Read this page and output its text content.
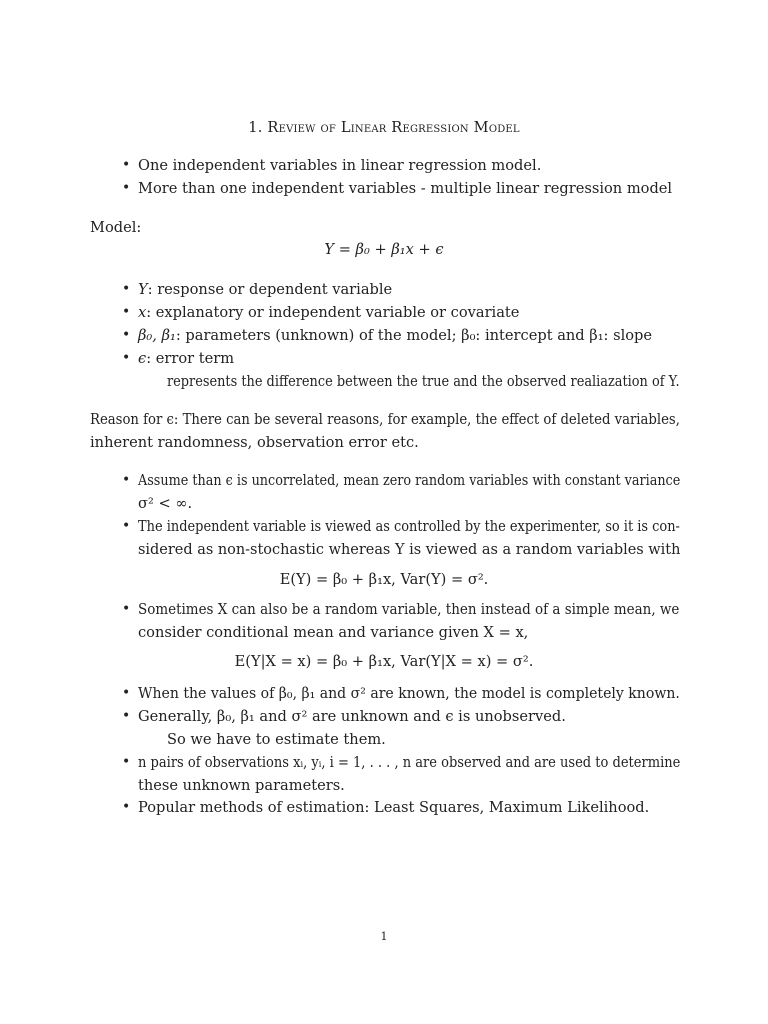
1. Review of Linear Regression Model
• One independent variables in linear regression model.
• More than one independent variables - multiple linear regression model
Model:
Y = β₀ + β₁x + ϵ
• Y: response or dependent variable
• x: explanatory or independent variable or covariate
• β₀, β₁: parameters (unknown) of the model; β₀: intercept and β₁: slope
• ϵ: error term
represents the difference between the true and the observed realiazation of Y.
Reason for ϵ: There can be several reasons, for example, the effect of deleted variables,
inherent randomness, observation error etc.
• Assume than ϵ is uncorrelated, mean zero random variables with constant variance
σ² < ∞.
• The independent variable is viewed as controlled by the experimenter, so it is con-
sidered as non-stochastic whereas Y is viewed as a random variables with
E(Y) = β₀ + β₁x, Var(Y) = σ².
• Sometimes X can also be a random variable, then instead of a simple mean, we
consider conditional mean and variance given X = x,
E(Y|X = x) = β₀ + β₁x, Var(Y|X = x) = σ².
• When the values of β₀, β₁ and σ² are known, the model is completely known.
• Generally, β₀, β₁ and σ² are unknown and ϵ is unobserved.
So we have to estimate them.
• n pairs of observations xᵢ, yᵢ, i = 1, . . . , n are observed and are used to determine
these unknown parameters.
• Popular methods of estimation: Least Squares, Maximum Likelihood.
1
